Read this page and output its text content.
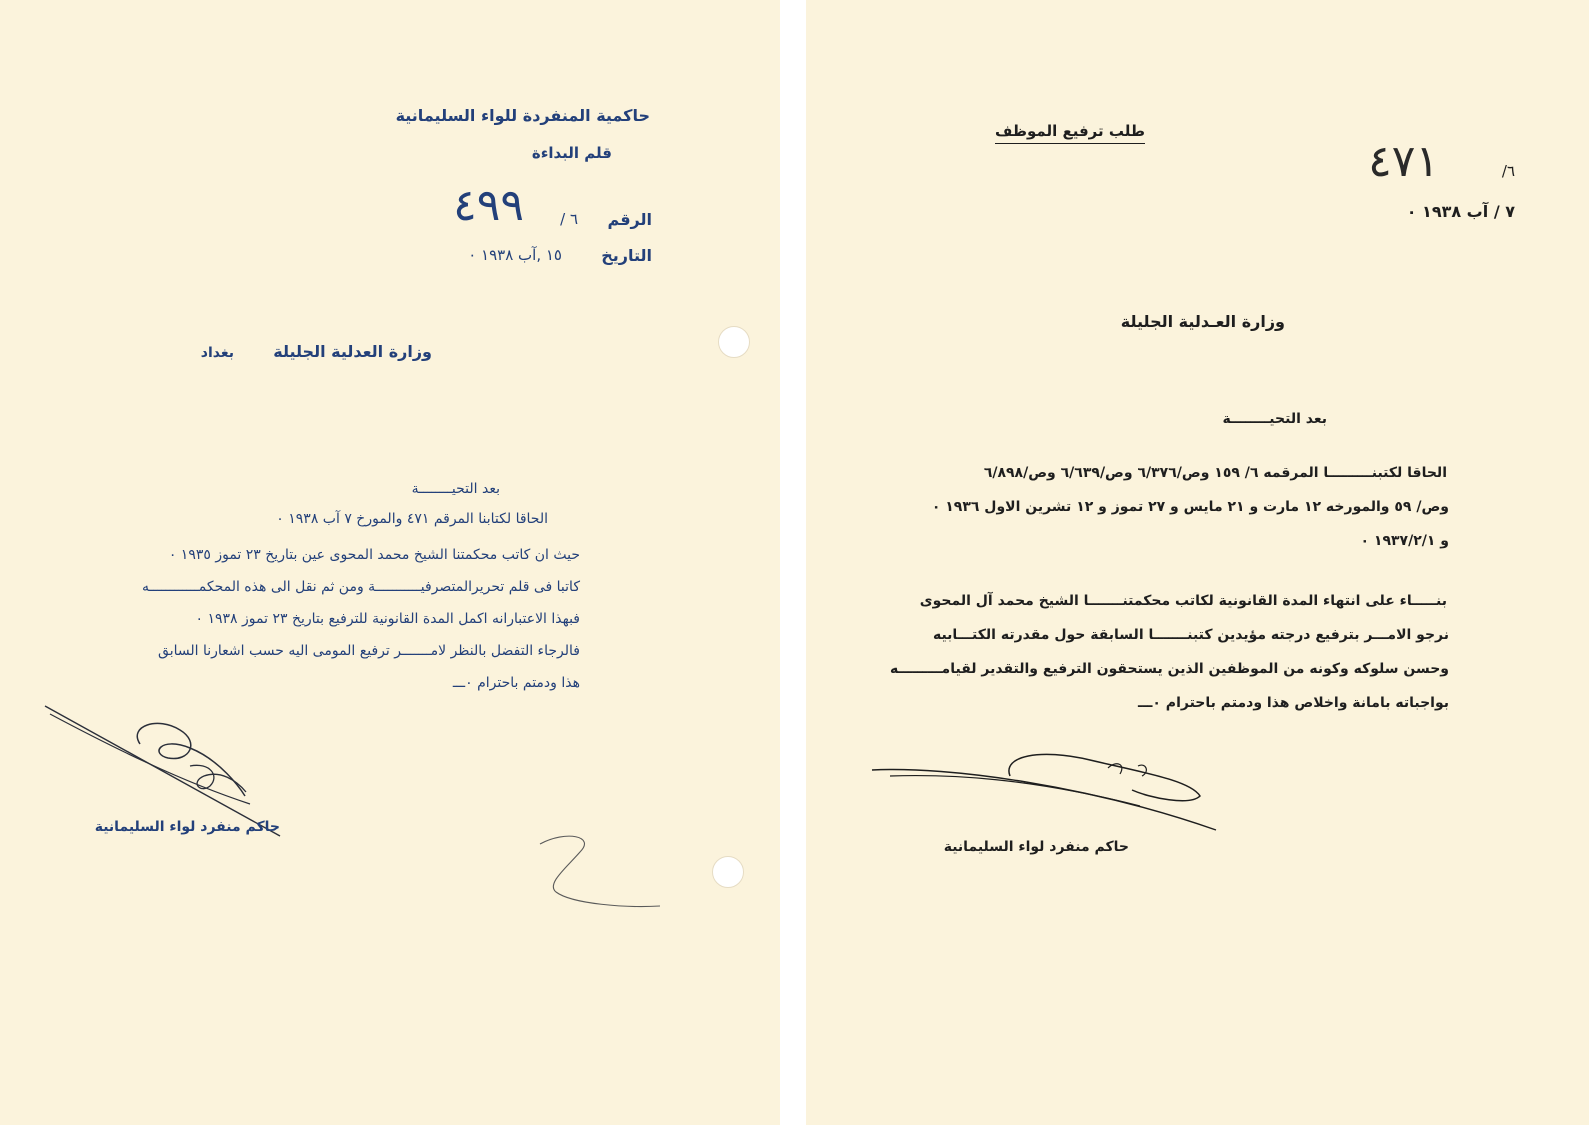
حاكمية المنفردة للواء السليمانية
قلم البداءة
الرقم
٦ /
٤٩٩
التاريخ
١٥ ,آب ١٩٣٨ ٠
وزارة العدلية الجليلة
بغداد
بعد التحيــــــــة
الحاقا لكتابنا المرقم ٤٧١ والمورخ ٧ آب ١٩٣٨ ٠
حيث ان كاتب محكمتنا الشيخ محمد المحوى عين بتاريخ ٢٣ تموز ١٩٣٥ ٠
كاتبا فى قلم تحريرالمتصرفيـــــــــــة ومن ثم نقل الى هذه المحكمــــــــــــه
فبهذا الاعتبارانه اكمل المدة القانونية للترفيع بتاريخ ٢٣ تموز ١٩٣٨ ٠
فالرجاء التفضل بالنظر لامـــــــر ترفيع المومى اليه حسب اشعارنا السابق
هذا ودمتم باحترام ٠ـــ
حاكم منفرد لواء السليمانية
طلب ترفيع الموظف
٤٧١	٦/
٧ / آب ١٩٣٨ ٠
وزارة العـدلية الجليلة
بعد التحيــــــــة
الحاقا لكتبنـــــــــا المرقمه ٦/ ١٥٩ وص/٦/٣٧٦ وص/٦/٦٣٩ وص/٦/٨٩٨
وص/ ٥٩ والمورخه ١٢ مارت و ٢١ مايس و ٢٧ تموز و ١٢ تشرين الاول ١٩٣٦ ٠
و ١٩٣٧/٢/١ ٠
بنـــــاء على انتهاء المدة القانونية لكاتب محكمتنـــــــا الشيخ محمد آل المحوى
نرجو الامـــر بترفيع درجته مؤيدين كتبنـــــــا السابقة حول مقدرته الكتـــابيه
وحسن سلوكه وكونه من الموظفين الذين يستحقون الترفيع والتقدير لقيامـــــــــه
بواجباته بامانة واخلاص هذا ودمتم باحترام ٠ـــ
حاكم منفرد لواء السليمانية
